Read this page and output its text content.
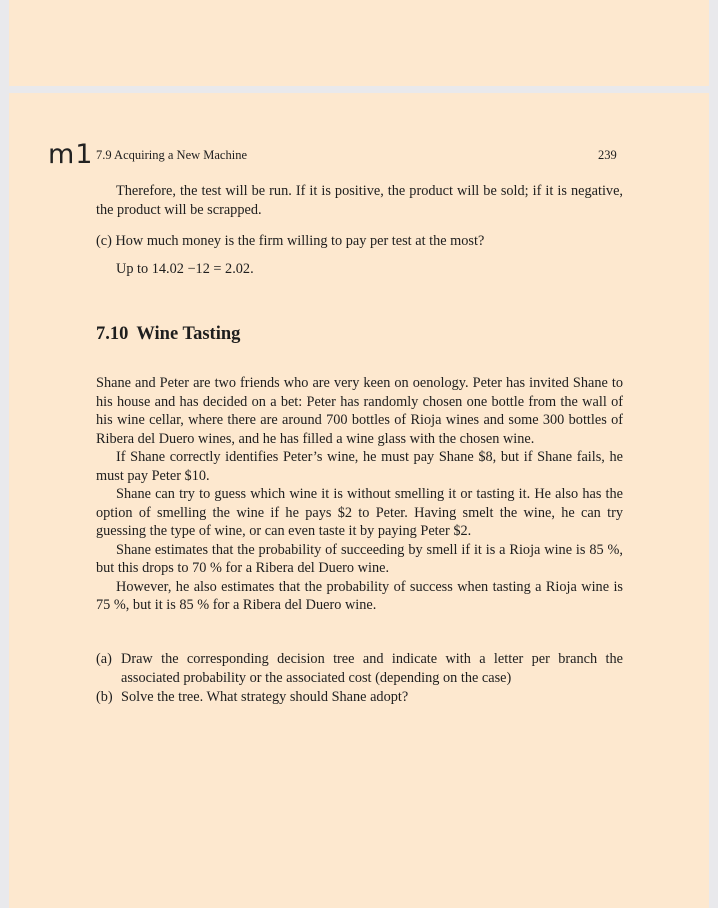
m1 7.9 Acquiring a New Machine	239
Therefore, the test will be run. If it is positive, the product will be sold; if it is negative, the product will be scrapped.
(c) How much money is the firm willing to pay per test at the most?
Up to 14.02 −12 = 2.02.
7.10 Wine Tasting

Shane and Peter are two friends who are very keen on oenology. Peter has invited Shane to his house and has decided on a bet: Peter has randomly chosen one bottle from the wall of his wine cellar, where there are around 700 bottles of Rioja wines and some 300 bottles of Ribera del Duero wines, and he has filled a wine glass with the chosen wine.

If Shane correctly identifies Peter’s wine, he must pay Shane $8, but if Shane fails, he must pay Peter $10.

Shane can try to guess which wine it is without smelling it or tasting it. He also has the option of smelling the wine if he pays $2 to Peter. Having smelt the wine, he can try guessing the type of wine, or can even taste it by paying Peter $2.

Shane estimates that the probability of succeeding by smell if it is a Rioja wine is 85 %, but this drops to 70 % for a Ribera del Duero wine.

However, he also estimates that the probability of success when tasting a Rioja wine is 75 %, but it is 85 % for a Ribera del Duero wine.

(a) Draw the corresponding decision tree and indicate with a letter per branch the associated probability or the associated cost (depending on the case)
(b) Solve the tree. What strategy should Shane adopt?
